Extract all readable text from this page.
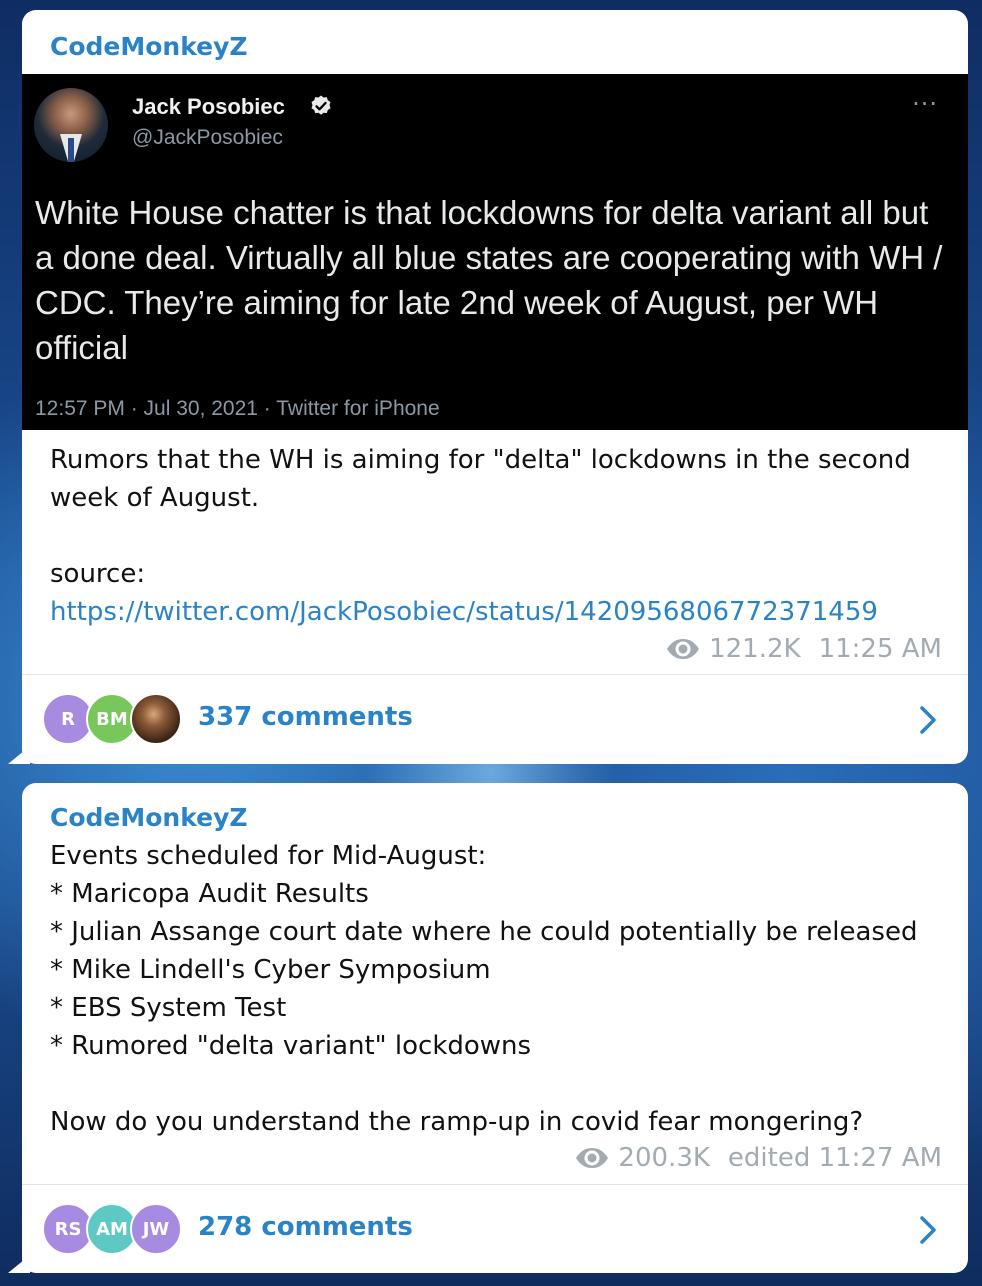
CodeMonkeyZ
Jack Posobiec
@JackPosobiec
···
White House chatter is that lockdowns for delta variant all but a done deal. Virtually all blue states are cooperating with WH / CDC. They’re aiming for late 2nd week of August, per WH official
12:57 PM · Jul 30, 2021 · Twitter for iPhone
Rumors that the WH is aiming for "delta" lockdowns in the second week of August.

source:
https://twitter.com/JackPosobiec/status/1420956806772371459
121.2K 11:25 AM
R	BM	337 comments
CodeMonkeyZ
Events scheduled for Mid-August:
* Maricopa Audit Results
* Julian Assange court date where he could potentially be released
* Mike Lindell's Cyber Symposium
* EBS System Test
* Rumored "delta variant" lockdowns

Now do you understand the ramp-up in covid fear mongering?
200.3K edited 11:27 AM
RS AM JW	278 comments
